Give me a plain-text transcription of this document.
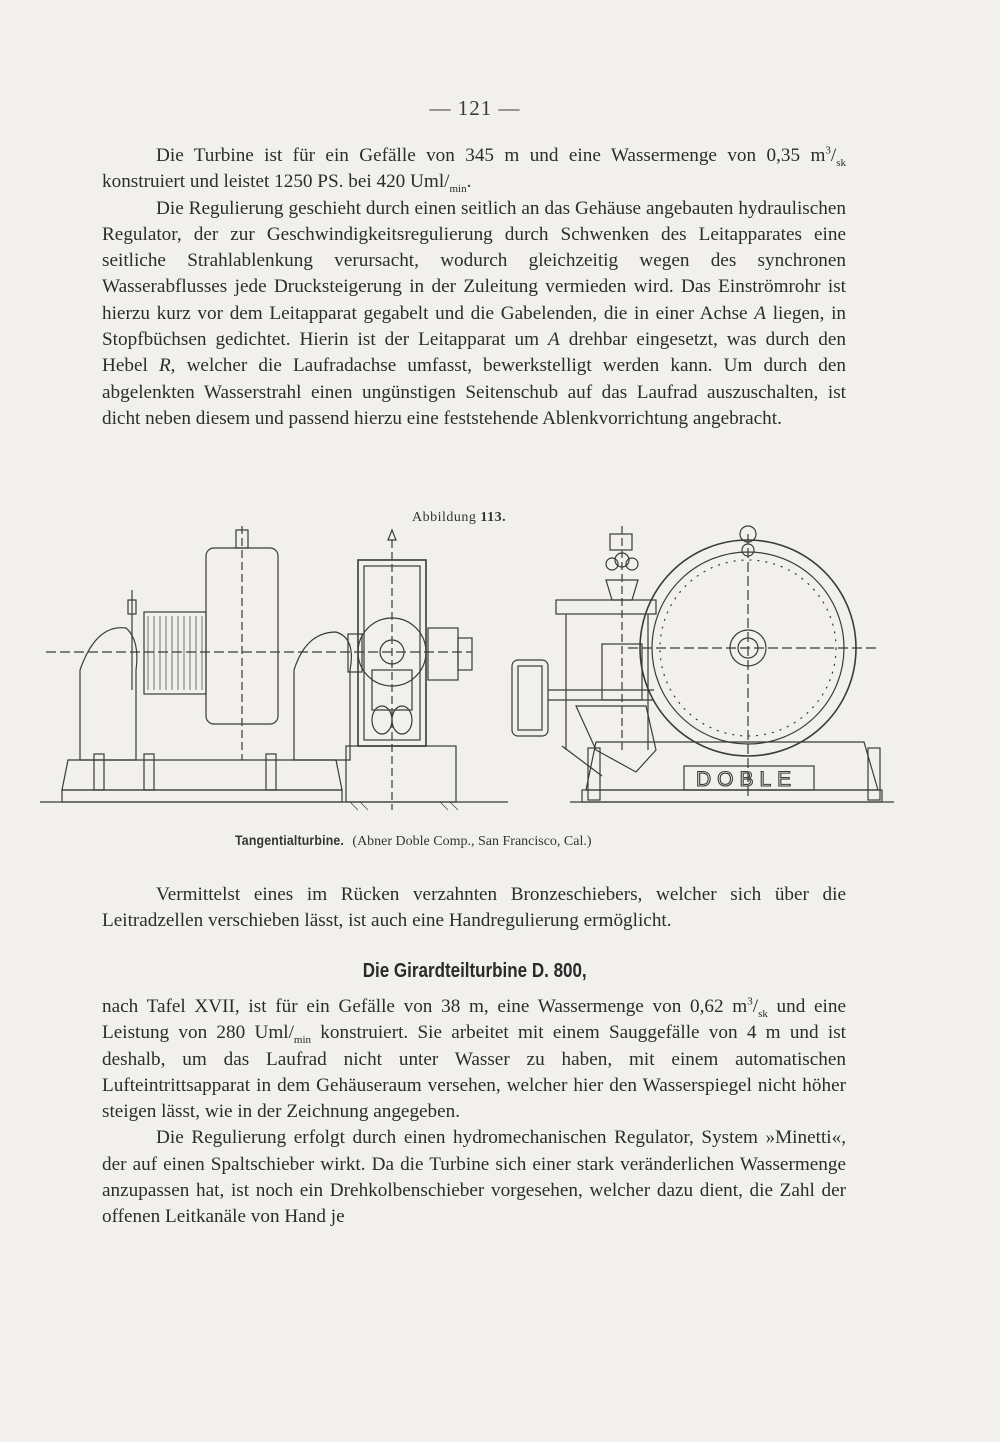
— 121 —

Die Turbine ist für ein Gefälle von 345 m und eine Wassermenge von 0,35 $m^3/_{sk}$ konstruiert und leistet 1250 PS. bei 420 Uml/$_{min}$.

Die Regulierung geschieht durch einen seitlich an das Gehäuse angebauten hydraulischen Regulator, der zur Geschwindigkeitsregulierung durch Schwenken des Leitapparates eine seitliche Strahlablenkung verursacht, wodurch gleichzeitig wegen des synchronen Wasserabflusses jede Drucksteigerung in der Zuleitung vermieden wird. Das Einströmrohr ist hierzu kurz vor dem Leitapparat gegabelt und die Gabelenden, die in einer Achse A liegen, in Stopfbüchsen gedichtet. Hierin ist der Leitapparat um A drehbar eingesetzt, was durch den Hebel R, welcher die Laufradachse umfasst, bewerkstelligt werden kann. Um durch den abgelenkten Wasserstrahl einen ungünstigen Seitenschub auf das Laufrad auszuschalten, ist dicht neben diesem und passend hierzu eine feststehende Ablenkvorrichtung angebracht.

Abbildung 113.
DOBLE
Tangentialturbine. (Abner Doble Comp., San Francisco, Cal.)

Vermittelst eines im Rücken verzahnten Bronzeschiebers, welcher sich über die Leitradzellen verschieben lässt, ist auch eine Handregulierung ermöglicht.

Die Girardteilturbine D. 800,

nach Tafel XVII, ist für ein Gefälle von 38 m, eine Wassermenge von 0,62 $m^3/_{sk}$ und eine Leistung von 280 Uml/$_{min}$ konstruiert. Sie arbeitet mit einem Sauggefälle von 4 m und ist deshalb, um das Laufrad nicht unter Wasser zu haben, mit einem automatischen Lufteintrittsapparat in dem Gehäuseraum versehen, welcher hier den Wasserspiegel nicht höher steigen lässt, wie in der Zeichnung angegeben.

Die Regulierung erfolgt durch einen hydromechanischen Regulator, System »Minetti«, der auf einen Spaltschieber wirkt. Da die Turbine sich einer stark veränderlichen Wassermenge anzupassen hat, ist noch ein Drehkolbenschieber vorgesehen, welcher dazu dient, die Zahl der offenen Leitkanäle von Hand je
